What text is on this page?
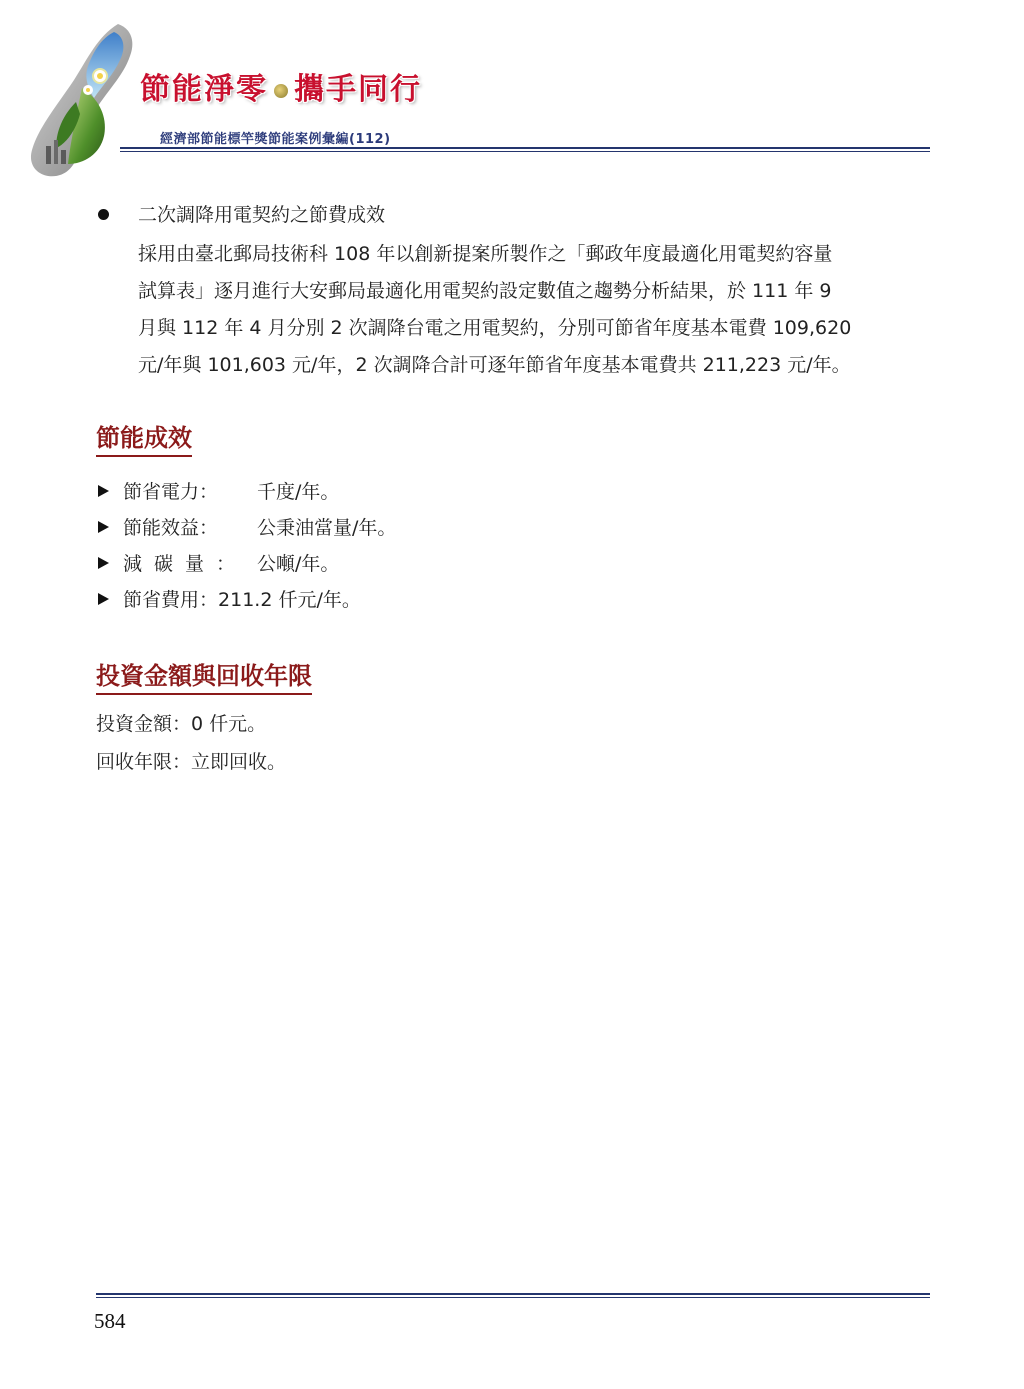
節能淨零 攜手同行
經濟部節能標竿獎節能案例彙編(112)
二次調降用電契約之節費成效
採用由臺北郵局技術科 108 年以創新提案所製作之「郵政年度最適化用電契約容量
試算表」逐月進行大安郵局最適化用電契約設定數值之趨勢分析結果，於 111 年 9
月與 112 年 4 月分別 2 次調降台電之用電契約，分別可節省年度基本電費 109,620
元/年與 101,603 元/年，2 次調降合計可逐年節省年度基本電費共 211,223 元/年。
節能成效
節省電力： 千度/年。
節能效益： 公秉油當量/年。
減碳量： 公噸/年。
節省費用：211.2 仟元/年。
投資金額與回收年限
投資金額：0 仟元。
回收年限：立即回收。
584
